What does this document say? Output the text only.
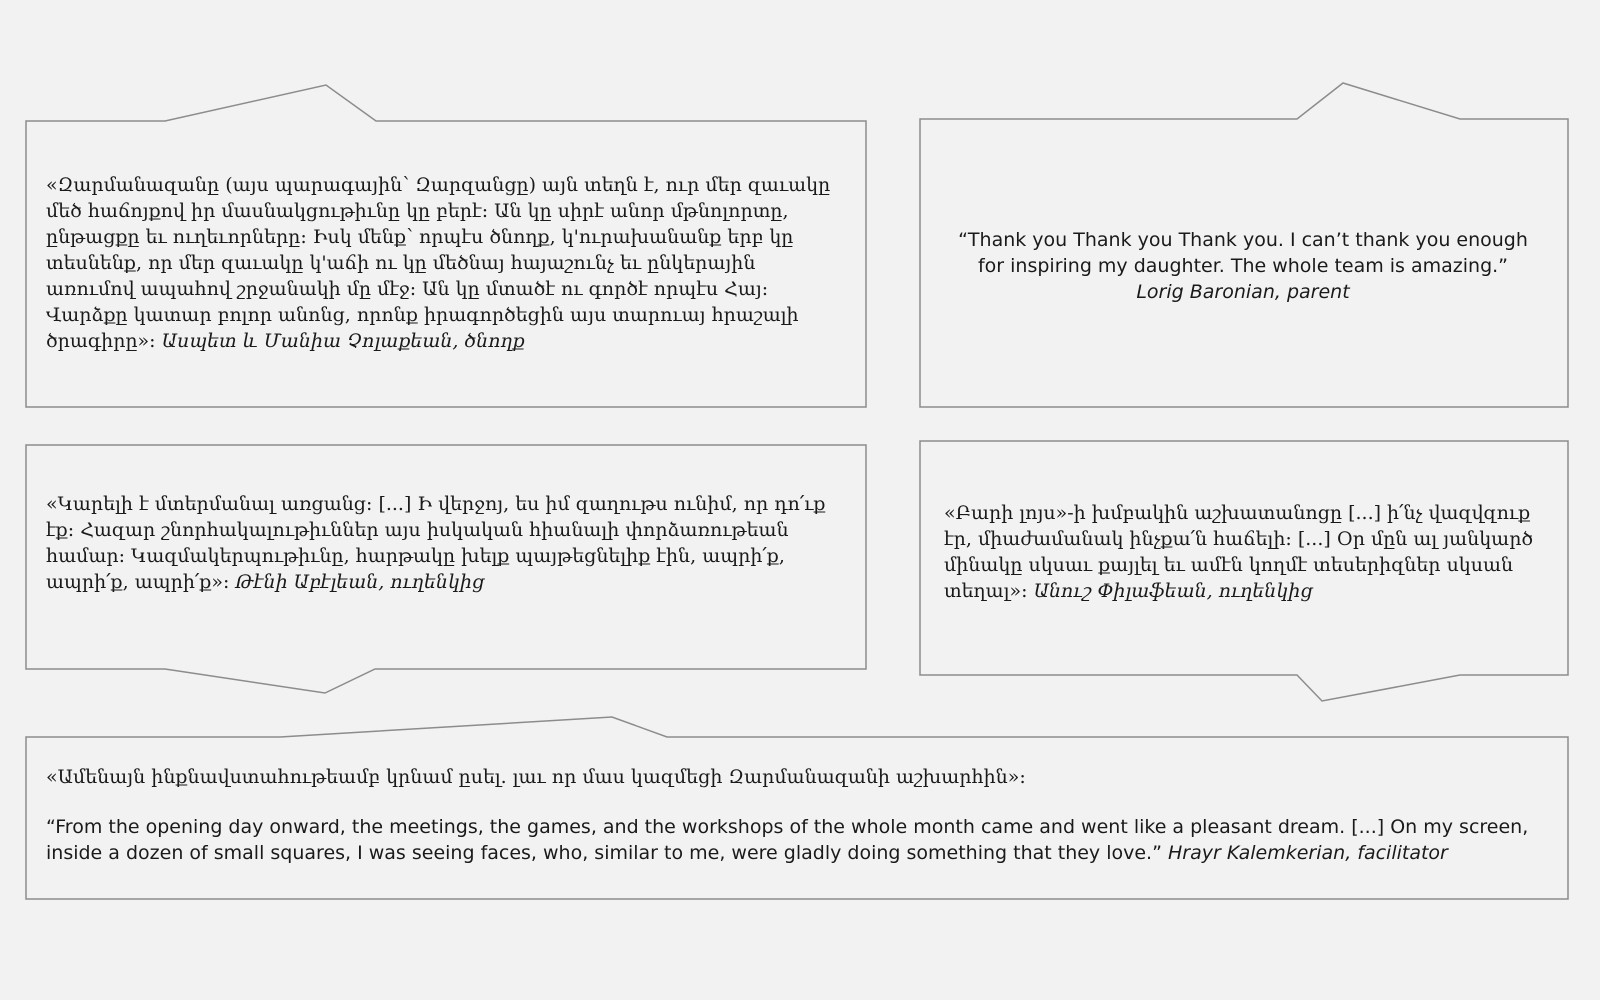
«Զարմանազանը (այս պարագային՝ Զարզանցը) այն տեղն է, ուր մեր զաւակը մեծ հաճոյքով իր մասնակցութիւնը կը բերէ: Ան կը սիրէ անոր մթնոլորտը, ընթացքը եւ ուղեւորները: Իսկ մենք՝ որպէս ծնողք, կ'ուրախանանք երբ կը տեսնենք, որ մեր զաւակը կ'աճի ու կը մեծնայ հայաշունչ եւ ընկերային առումով ապահով շրջանակի մը մէջ: Ան կը մտածէ ու գործէ որպէս Հայ: Վարձքը կատար բոլոր անոնց, որոնք իրագործեցին այս տարուայ հրաշալի ծրագիրը»: Ասպետ և Մանիա Չոլաքեան, ծնողք
“Thank you Thank you Thank you. I can’t thank you enough for inspiring my daughter. The whole team is amazing.”
Lorig Baronian, parent
«Կարելի է մտերմանալ առցանց: [...] Ի վերջոյ, ես իմ զաղութս ունիմ, որ դո՛ւք էք: Հազար շնորհակալութիւններ այս իսկական հիանալի փորձառութեան համար: Կազմակերպութիւնը, հարթակը խելք պայթեցնելիք էին, ապրի՛ք, ապրի՛ք, ապրի՛ք»: Թէնի Աբէլեան, ուղենկից
«Բարի լոյս»-ի խմբակին աշխատանոցը [...] ի՛նչ վազվզուք էր, միաժամանակ ինչքա՛ն հաճելի: [...] Օր մըն ալ յանկարծ մինակը սկսաւ քայլել եւ ամէն կողմէ տեսերիզներ սկսան տեղալ»: Անուշ Փիլաֆեան, ուղենկից

«Ամենայն ինքնավստահութեամբ կրնամ ըսել. լաւ որ մաս կազմեցի Զարմանազանի աշխարհին»:

“From the opening day onward, the meetings, the games, and the workshops of the whole month came and went like a pleasant dream. [...] On my screen, inside a dozen of small squares, I was seeing faces, who, similar to me, were gladly doing something that they love.” Hrayr Kalemkerian, facilitator
